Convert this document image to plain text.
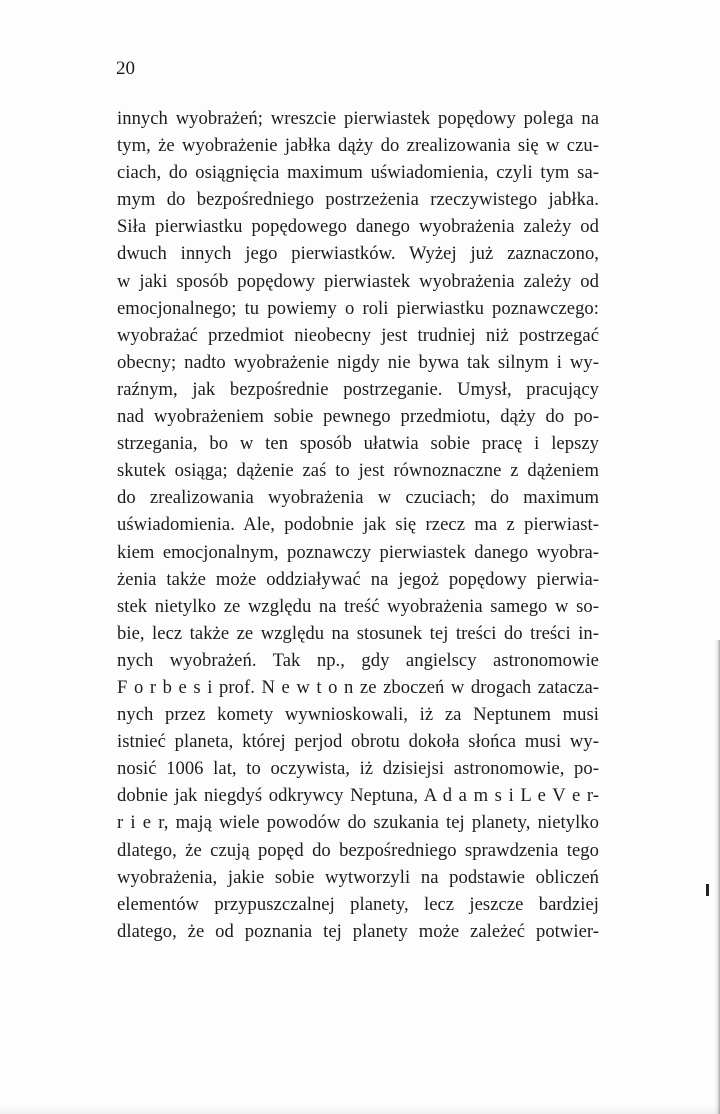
20
innych wyobrażeń; wreszcie pierwiastek popędowy polega na
tym, że wyobrażenie jabłka dąży do zrealizowania się w czu-
ciach, do osiągnięcia maximum uświadomienia, czyli tym sa-
mym do bezpośredniego postrzeżenia rzeczywistego jabłka.
Siła pierwiastku popędowego danego wyobrażenia zależy od
dwuch innych jego pierwiastków. Wyżej już zaznaczono,
w jaki sposób popędowy pierwiastek wyobrażenia zależy od
emocjonalnego; tu powiemy o roli pierwiastku poznawczego:
wyobrażać przedmiot nieobecny jest trudniej niż postrzegać
obecny; nadto wyobrażenie nigdy nie bywa tak silnym i wy-
raźnym, jak bezpośrednie postrzeganie. Umysł, pracujący
nad wyobrażeniem sobie pewnego przedmiotu, dąży do po-
strzegania, bo w ten sposób ułatwia sobie pracę i lepszy
skutek osiąga; dążenie zaś to jest równoznaczne z dążeniem
do zrealizowania wyobrażenia w czuciach; do maximum
uświadomienia. Ale, podobnie jak się rzecz ma z pierwiast-
kiem emocjonalnym, poznawczy pierwiastek danego wyobra-
żenia także może oddziaływać na jegoż popędowy pierwia-
stek nietylko ze względu na treść wyobrażenia samego w so-
bie, lecz także ze względu na stosunek tej treści do treści in-
nych wyobrażeń. Tak np., gdy angielscy astronomowie
F o r b e s i prof. N e w t o n ze zboczeń w drogach zatacza-
nych przez komety wywnioskowali, iż za Neptunem musi
istnieć planeta, której perjod obrotu dokoła słońca musi wy-
nosić 1006 lat, to oczywista, iż dzisiejsi astronomowie, po-
dobnie jak niegdyś odkrywcy Neptuna, A d a m s i L e V e r-
r i e r, mają wiele powodów do szukania tej planety, nietylko
dlatego, że czują popęd do bezpośredniego sprawdzenia tego
wyobrażenia, jakie sobie wytworzyli na podstawie obliczeń
elementów przypuszczalnej planety, lecz jeszcze bardziej
dlatego, że od poznania tej planety może zależeć potwier-
